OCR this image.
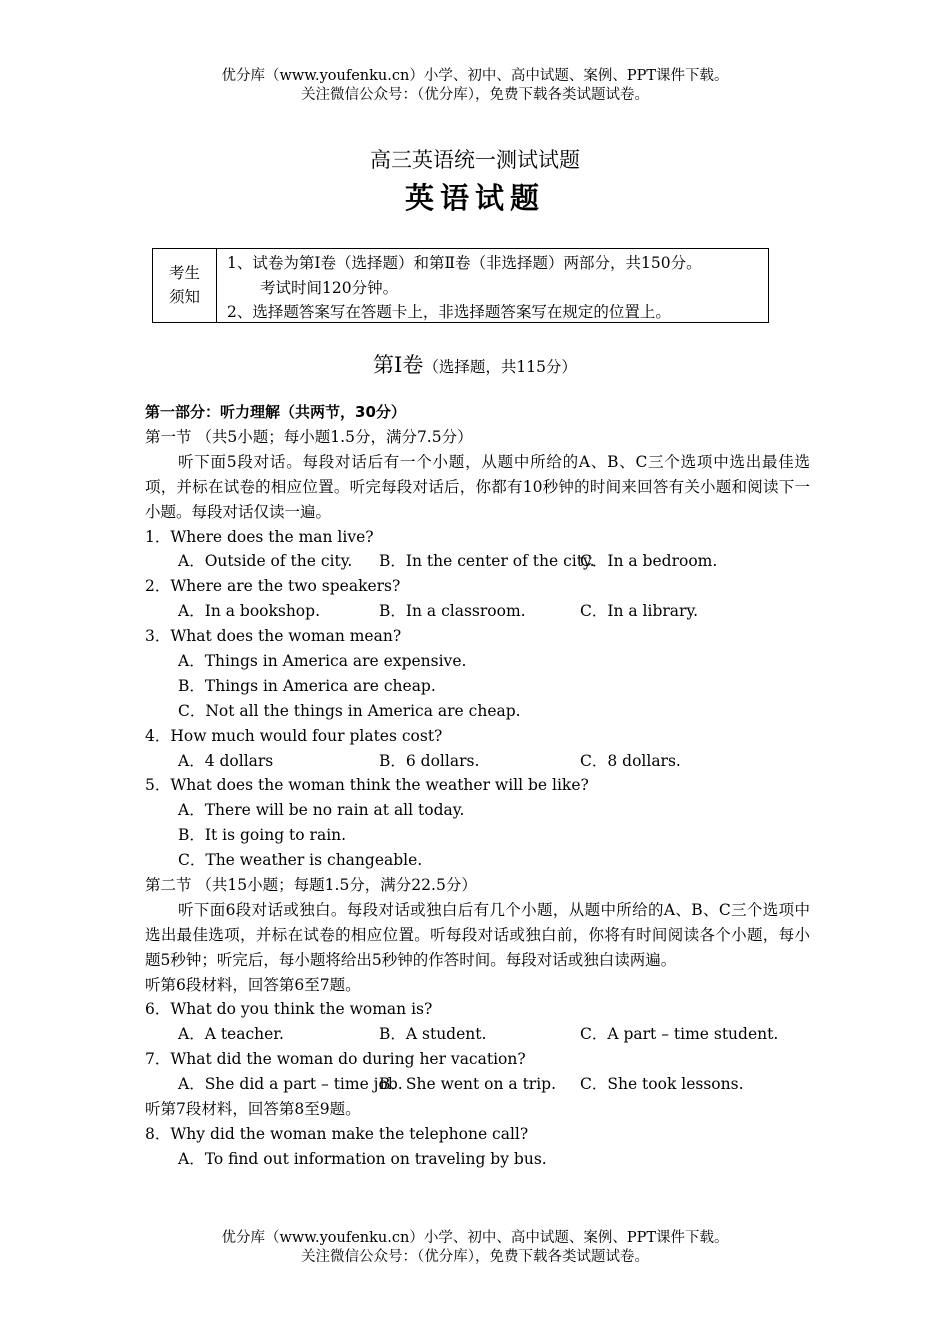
优分库（www.youfenku.cn）小学、初中、高中试题、案例、PPT课件下载。
关注微信公众号：（优分库），免费下载各类试题试卷。
高三英语统一测试试题
英语试题
考生
须知
1、试卷为第Ⅰ卷（选择题）和第Ⅱ卷（非选择题）两部分，共150分。
考试时间120分钟。
2、选择题答案写在答题卡上，非选择题答案写在规定的位置上。
第Ⅰ卷（选择题，共115分）
第一部分：听力理解（共两节，30分）
第一节 （共5小题；每小题1.5分，满分7.5分）
听下面5段对话。每段对话后有一个小题，从题中所给的A、B、C三个选项中选出最佳选项，并标在试卷的相应位置。听完每段对话后，你都有10秒钟的时间来回答有关小题和阅读下一小题。每段对话仅读一遍。
1．Where does the man live?
A．Outside of the city.	B．In the center of the city.
C．In a bedroom.
2．Where are the two speakers?
A．In a bookshop.	B．In a classroom.	C．In a library.
3．What does the woman mean?
A．Things in America are expensive.
B．Things in America are cheap.
C．Not all the things in America are cheap.
4．How much would four plates cost?
A．4 dollars	B．6 dollars.	C．8 dollars.
5．What does the woman think the weather will be like?
A．There will be no rain at all today.
B．It is going to rain.
C．The weather is changeable.
第二节 （共15小题；每题1.5分，满分22.5分）
听下面6段对话或独白。每段对话或独白后有几个小题，从题中所给的A、B、C三个选项中选出最佳选项，并标在试卷的相应位置。听每段对话或独白前，你将有时间阅读各个小题，每小题5秒钟；听完后，每小题将给出5秒钟的作答时间。每段对话或独白读两遍。
听第6段材料，回答第6至7题。
6．What do you think the woman is?
A．A teacher.	B．A student.	C．A part – time student.
7．What did the woman do during her vacation?
A．She did a part – time job.
B．She went on a trip.	C．She took lessons.
听第7段材料，回答第8至9题。
8．Why did the woman make the telephone call?
A．To find out information on traveling by bus.
优分库（www.youfenku.cn）小学、初中、高中试题、案例、PPT课件下载。
关注微信公众号：（优分库），免费下载各类试题试卷。
